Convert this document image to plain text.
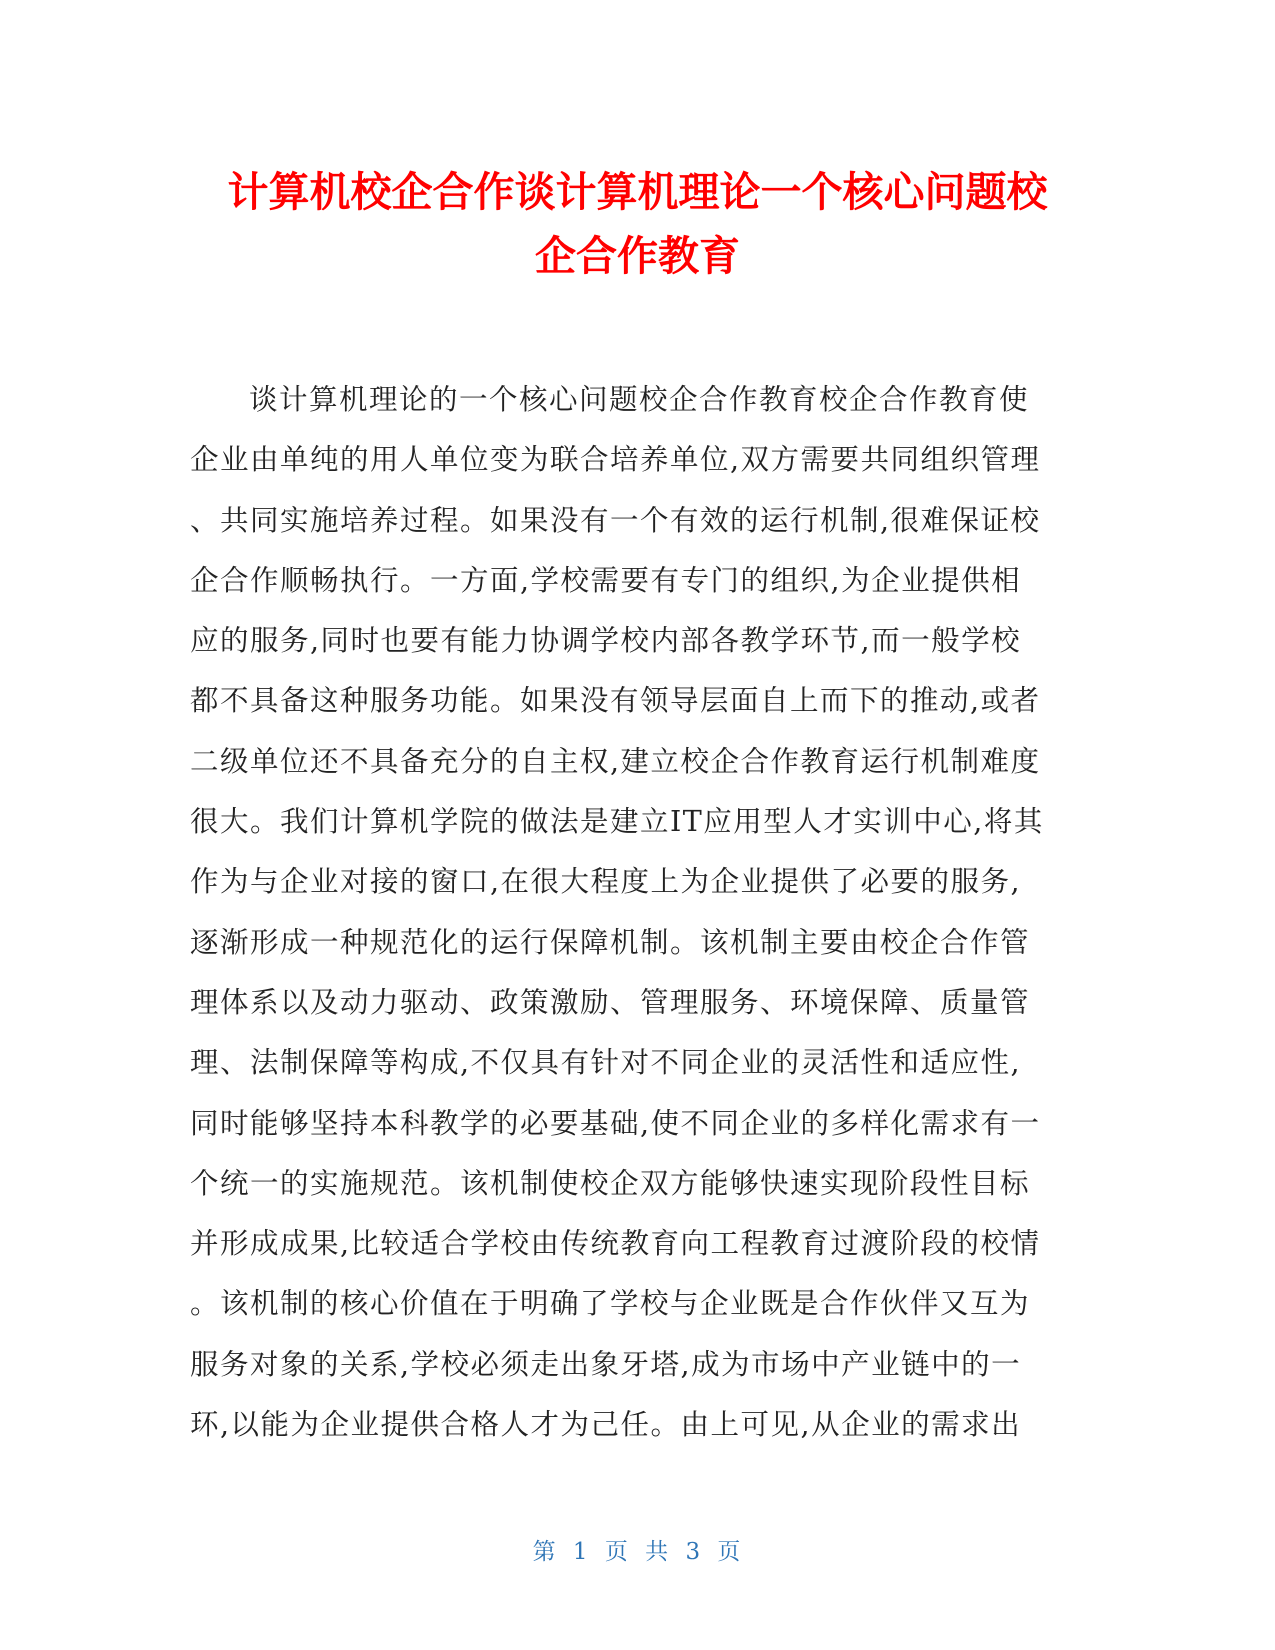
计算机校企合作谈计算机理论一个核心问题校
企合作教育
谈计算机理论的一个核心问题校企合作教育校企合作教育使
企业由单纯的用人单位变为联合培养单位,双方需要共同组织管理
、共同实施培养过程。如果没有一个有效的运行机制,很难保证校
企合作顺畅执行。一方面,学校需要有专门的组织,为企业提供相
应的服务,同时也要有能力协调学校内部各教学环节,而一般学校
都不具备这种服务功能。如果没有领导层面自上而下的推动,或者
二级单位还不具备充分的自主权,建立校企合作教育运行机制难度
很大。我们计算机学院的做法是建立IT应用型人才实训中心,将其
作为与企业对接的窗口,在很大程度上为企业提供了必要的服务,
逐渐形成一种规范化的运行保障机制。该机制主要由校企合作管
理体系以及动力驱动、政策激励、管理服务、环境保障、质量管
理、法制保障等构成,不仅具有针对不同企业的灵活性和适应性,
同时能够坚持本科教学的必要基础,使不同企业的多样化需求有一
个统一的实施规范。该机制使校企双方能够快速实现阶段性目标
并形成成果,比较适合学校由传统教育向工程教育过渡阶段的校情
。该机制的核心价值在于明确了学校与企业既是合作伙伴又互为
服务对象的关系,学校必须走出象牙塔,成为市场中产业链中的一
环,以能为企业提供合格人才为己任。由上可见,从企业的需求出
第 1 页 共 3 页
